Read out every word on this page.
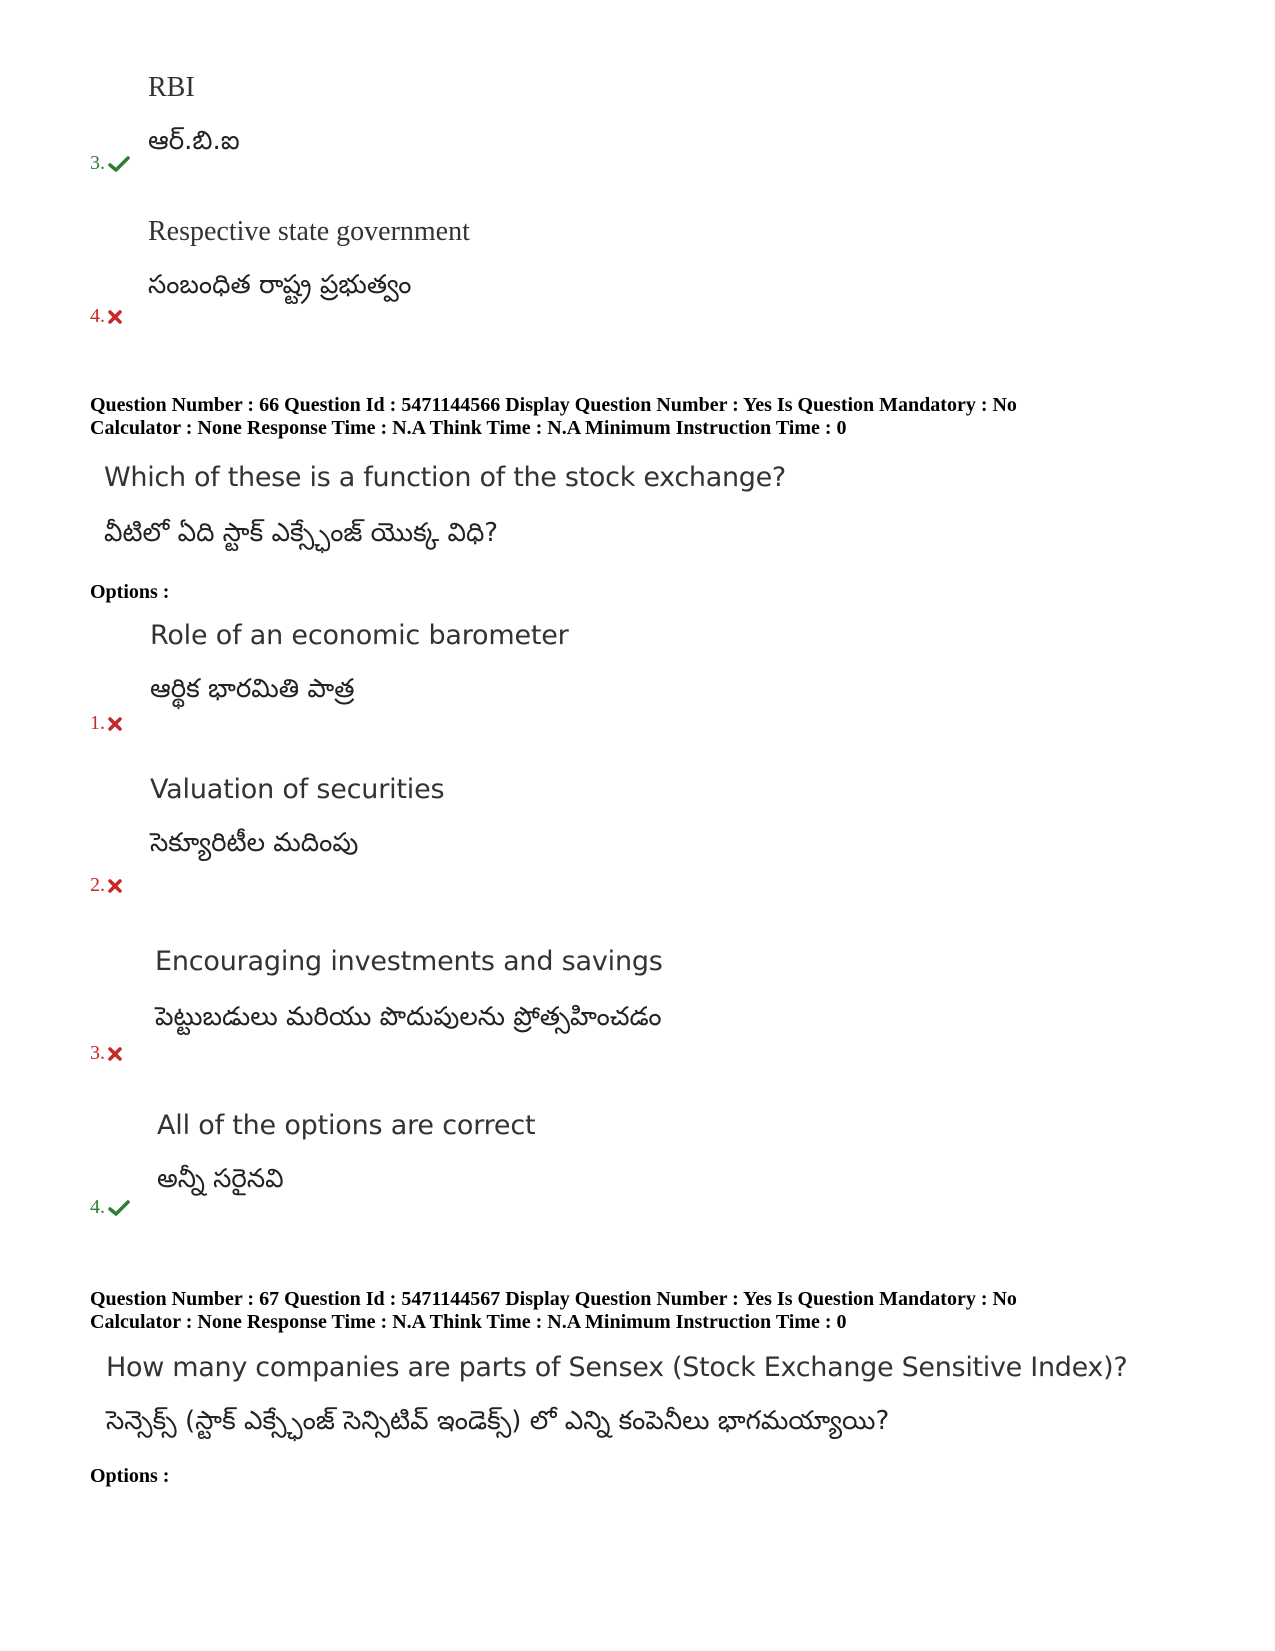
RBI
ఆర్.బి.ఐ
3.
Respective state government
సంబంధిత రాష్ట్ర ప్రభుత్వం
4.
Question Number : 66 Question Id : 5471144566 Display Question Number : Yes Is Question Mandatory : No
Calculator : None Response Time : N.A Think Time : N.A Minimum Instruction Time : 0
Which of these is a function of the stock exchange?
వీటిలో ఏది స్టాక్ ఎక్స్ఛేంజ్ యొక్క విధి?
Options :
Role of an economic barometer
ఆర్థిక భారమితి పాత్ర
1.
Valuation of securities
సెక్యూరిటీల మదింపు
2.
Encouraging investments and savings
పెట్టుబడులు మరియు పొదుపులను ప్రోత్సహించడం
3.
All of the options are correct
అన్నీ సరైనవి
4.
Question Number : 67 Question Id : 5471144567 Display Question Number : Yes Is Question Mandatory : No
Calculator : None Response Time : N.A Think Time : N.A Minimum Instruction Time : 0
How many companies are parts of Sensex (Stock Exchange Sensitive Index)?
సెన్సెక్స్ (స్టాక్ ఎక్స్ఛేంజ్ సెన్సిటివ్ ఇండెక్స్) లో ఎన్ని కంపెనీలు భాగమయ్యాయి?
Options :
